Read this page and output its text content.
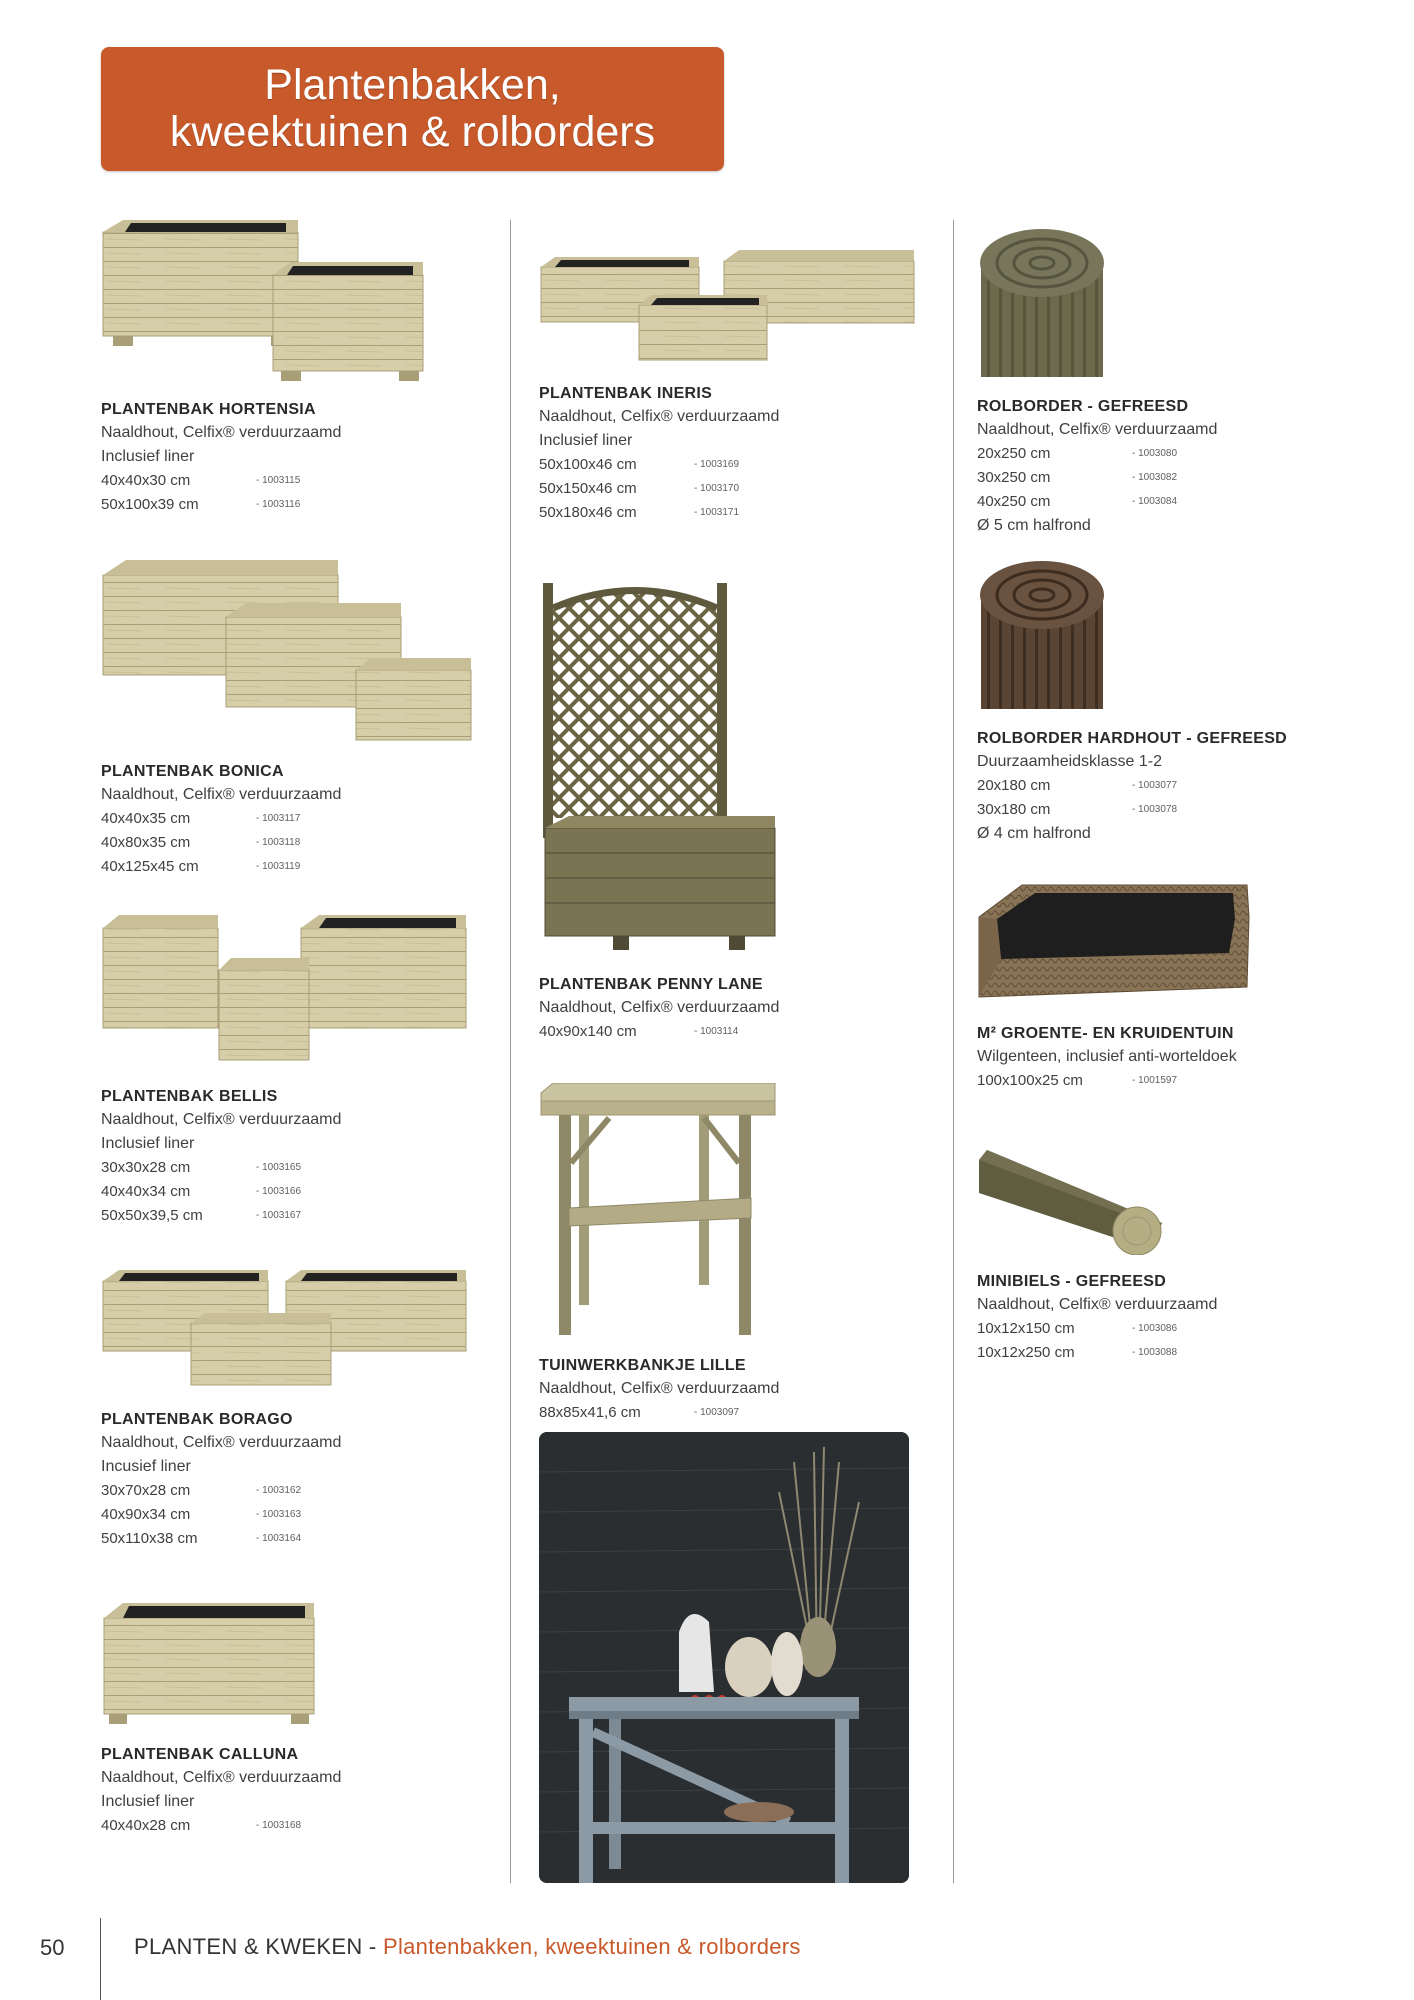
Plantenbakken,
kweektuinen & rolborders
PLANTENBAK HORTENSIA
Naaldhout, Celfix® verduurzaamd
Inclusief liner
40x40x30 cm	- 1003115
50x100x39 cm	- 1003116
PLANTENBAK BONICA
Naaldhout, Celfix® verduurzaamd
40x40x35 cm	- 1003117
40x80x35 cm	- 1003118
40x125x45 cm	- 1003119
PLANTENBAK BELLIS
Naaldhout, Celfix® verduurzaamd
Inclusief liner
30x30x28 cm	- 1003165
40x40x34 cm	- 1003166
50x50x39,5 cm	- 1003167
PLANTENBAK BORAGO
Naaldhout, Celfix® verduurzaamd
Incusief liner
30x70x28 cm	- 1003162
40x90x34 cm	- 1003163
50x110x38 cm	- 1003164
PLANTENBAK CALLUNA
Naaldhout, Celfix® verduurzaamd
Inclusief liner
40x40x28 cm	- 1003168
PLANTENBAK INERIS
Naaldhout, Celfix® verduurzaamd
Inclusief liner
50x100x46 cm	- 1003169
50x150x46 cm	- 1003170
50x180x46 cm	- 1003171
PLANTENBAK PENNY LANE
Naaldhout, Celfix® verduurzaamd
40x90x140 cm	- 1003114
TUINWERKBANKJE LILLE
Naaldhout, Celfix® verduurzaamd
88x85x41,6 cm	- 1003097
ROLBORDER - GEFREESD
Naaldhout, Celfix® verduurzaamd
20x250 cm	- 1003080
30x250 cm	- 1003082
40x250 cm	- 1003084
Ø 5 cm halfrond
ROLBORDER HARDHOUT - GEFREESD
Duurzaamheidsklasse 1-2
20x180 cm	- 1003077
30x180 cm	- 1003078
Ø 4 cm halfrond
M² GROENTE- EN KRUIDENTUIN
Wilgenteen, inclusief anti-worteldoek
100x100x25 cm	- 1001597
MINIBIELS - GEFREESD
Naaldhout, Celfix® verduurzaamd
10x12x150 cm	- 1003086
10x12x250 cm	- 1003088
50	PLANTEN & KWEKEN - Plantenbakken, kweektuinen & rolborders
